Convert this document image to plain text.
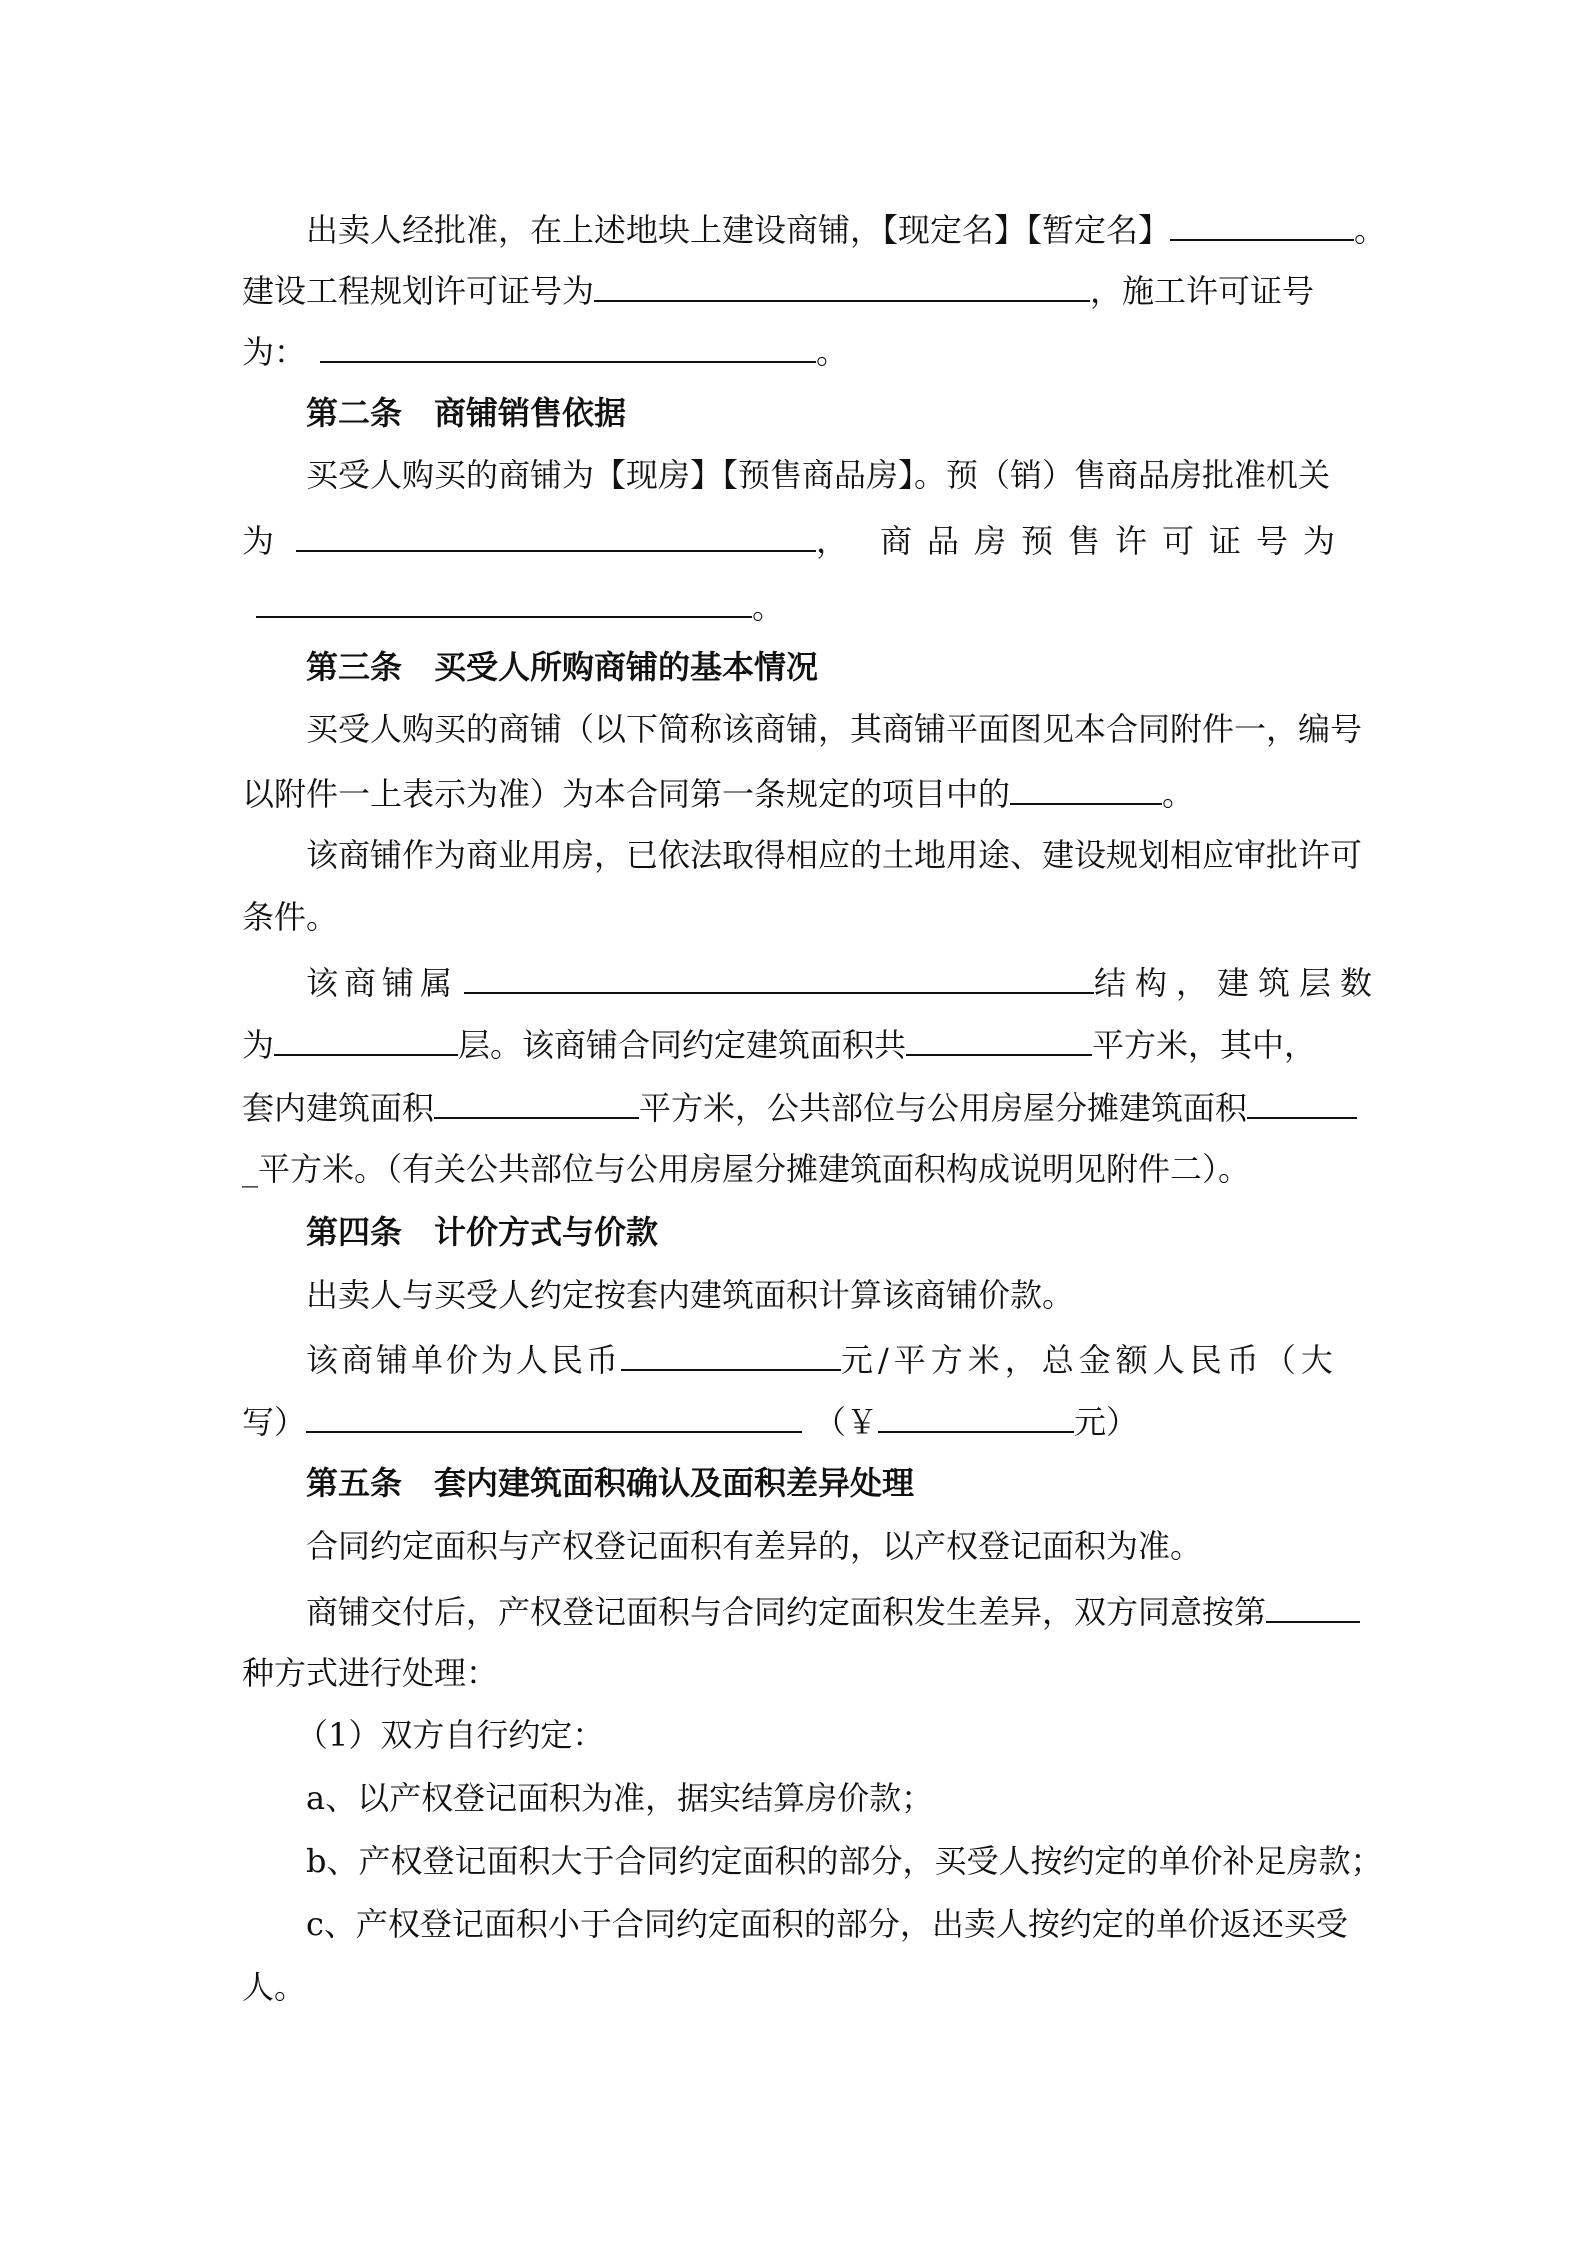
出卖人经批准，在上述地块上建设商铺，【现定名】【暂定名】	。
建设工程规划许可证号为	，施工许可证号
为：	。
第二条　商铺销售依据
买受人购买的商铺为【现房】【预售商品房】。预（销）售商品房批准机关
为	， 商品房预售许可证号为
。
第三条　买受人所购商铺的基本情况
买受人购买的商铺（以下简称该商铺，其商铺平面图见本合同附件一，编号
以附件一上表示为准）为本合同第一条规定的项目中的	。
该商铺作为商业用房，已依法取得相应的土地用途、建设规划相应审批许可
条件。
该商铺属	结构，建筑层数
为	层。该商铺合同约定建筑面积共	平方米，其中，
套内建筑面积	平方米，公共部位与公用房屋分摊建筑面积
_平方米。（有关公共部位与公用房屋分摊建筑面积构成说明见附件二）。
第四条　计价方式与价款
出卖人与买受人约定按套内建筑面积计算该商铺价款。
该商铺单价为人民币	元/平方米，总金额人民币（大
写）	（￥	元）
第五条　套内建筑面积确认及面积差异处理
合同约定面积与产权登记面积有差异的，以产权登记面积为准。
商铺交付后，产权登记面积与合同约定面积发生差异，双方同意按第
种方式进行处理：
（1）双方自行约定：
a、以产权登记面积为准，据实结算房价款；
b、产权登记面积大于合同约定面积的部分，买受人按约定的单价补足房款；
c、产权登记面积小于合同约定面积的部分，出卖人按约定的单价返还买受
人。
